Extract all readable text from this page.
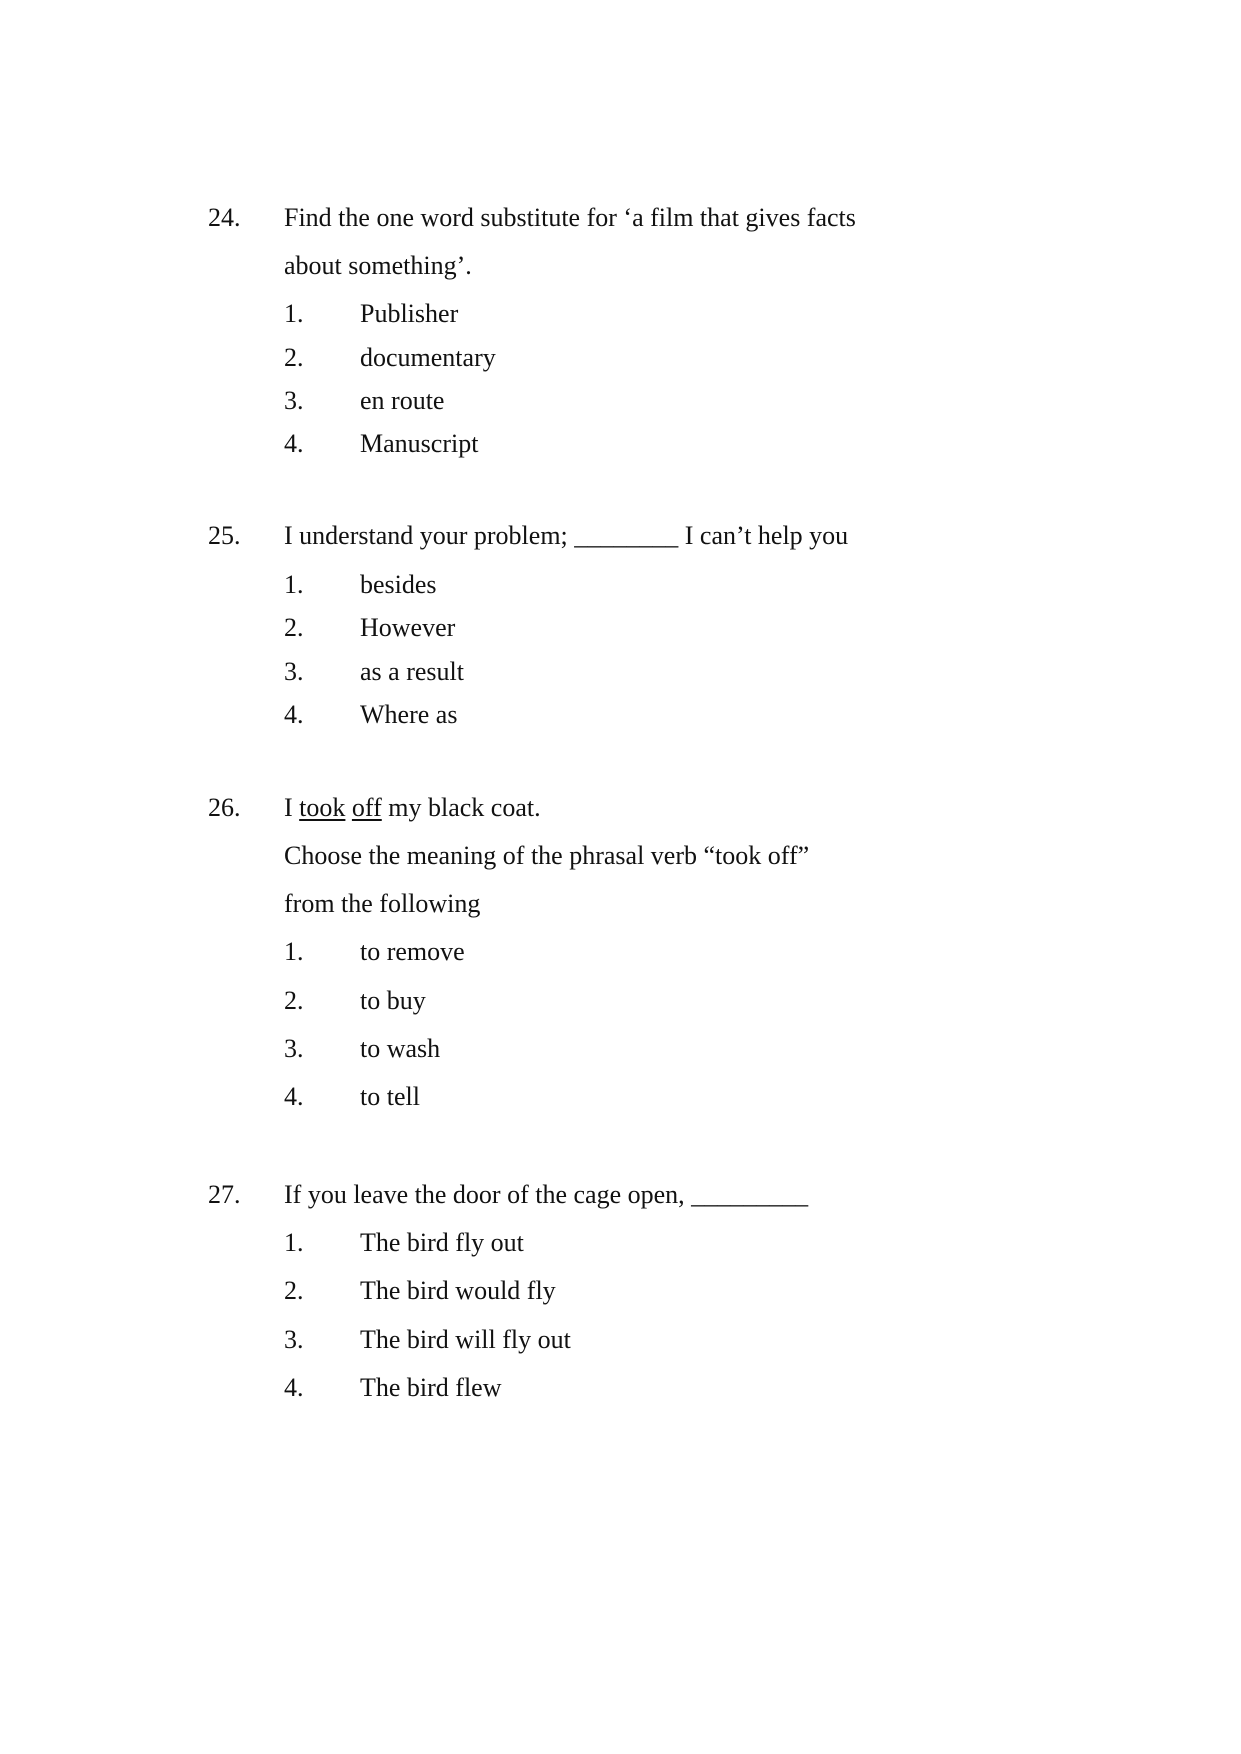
24. Find the one word substitute for ‘a film that gives facts
about something’.
1. Publisher
2. documentary
3. en route
4. Manuscript
25. I understand your problem; ________ I can’t help you
1. besides
2. However
3. as a result
4. Where as
26. I took off my black coat.
Choose the meaning of the phrasal verb “took off”
from the following
1. to remove
2. to buy
3. to wash
4. to tell
27. If you leave the door of the cage open, _________
1. The bird fly out
2. The bird would fly
3. The bird will fly out
4. The bird flew
